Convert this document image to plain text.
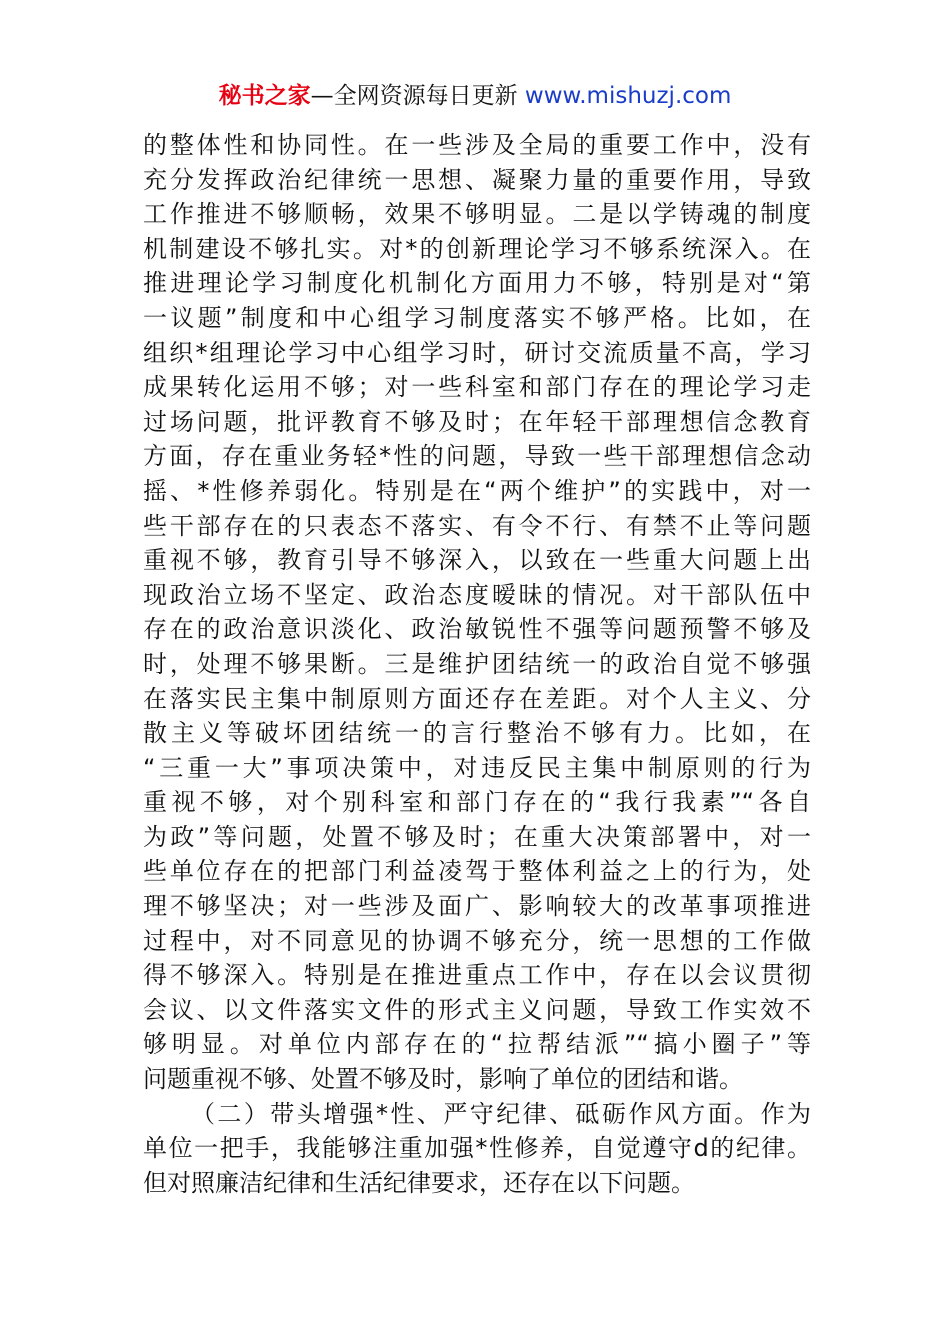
秘书之家—全网资源每日更新 www.mishuzj.com
的整体性和协同性。在一些涉及全局的重要工作中，没有
充分发挥政治纪律统一思想、凝聚力量的重要作用，导致
工作推进不够顺畅，效果不够明显。二是以学铸魂的制度
机制建设不够扎实。对*的创新理论学习不够系统深入。在
推进理论学习制度化机制化方面用力不够，特别是对“第
一议题”制度和中心组学习制度落实不够严格。比如，在
组织*组理论学习中心组学习时，研讨交流质量不高，学习
成果转化运用不够；对一些科室和部门存在的理论学习走
过场问题，批评教育不够及时；在年轻干部理想信念教育
方面，存在重业务轻*性的问题，导致一些干部理想信念动
摇、*性修养弱化。特别是在“两个维护”的实践中，对一
些干部存在的只表态不落实、有令不行、有禁不止等问题
重视不够，教育引导不够深入，以致在一些重大问题上出
现政治立场不坚定、政治态度暧昧的情况。对干部队伍中
存在的政治意识淡化、政治敏锐性不强等问题预警不够及
时，处理不够果断。三是维护团结统一的政治自觉不够强
在落实民主集中制原则方面还存在差距。对个人主义、分
散主义等破坏团结统一的言行整治不够有力。比如，在
“三重一大”事项决策中，对违反民主集中制原则的行为
重视不够，对个别科室和部门存在的“我行我素”“各自
为政”等问题，处置不够及时；在重大决策部署中，对一
些单位存在的把部门利益凌驾于整体利益之上的行为，处
理不够坚决；对一些涉及面广、影响较大的改革事项推进
过程中，对不同意见的协调不够充分，统一思想的工作做
得不够深入。特别是在推进重点工作中，存在以会议贯彻
会议、以文件落实文件的形式主义问题，导致工作实效不
够明显。对单位内部存在的“拉帮结派”“搞小圈子”等
问题重视不够、处置不够及时，影响了单位的团结和谐。
（二）带头增强*性、严守纪律、砥砺作风方面。作为
单位一把手，我能够注重加强*性修养，自觉遵守d的纪律。
但对照廉洁纪律和生活纪律要求，还存在以下问题。
